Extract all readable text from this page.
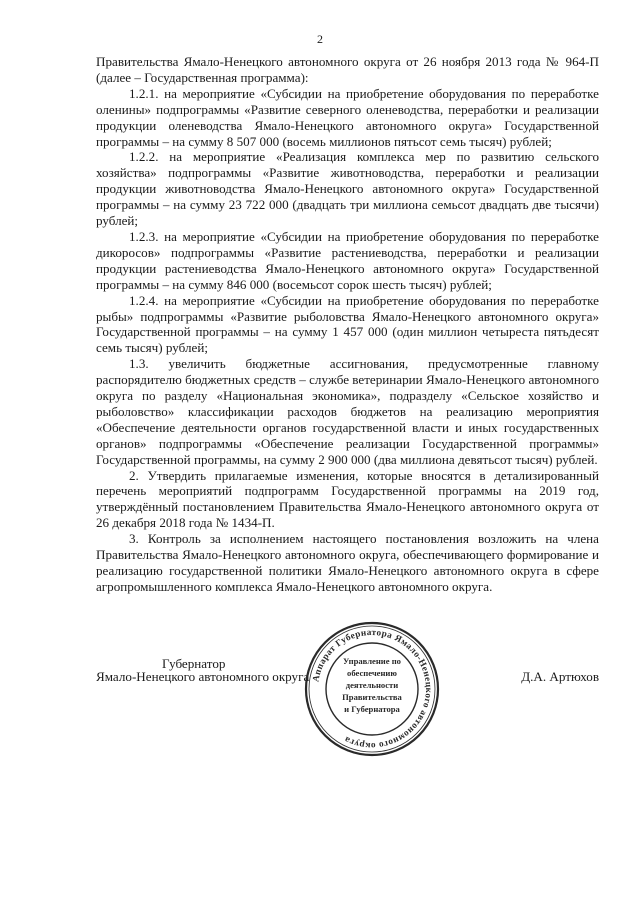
2

Правительства Ямало-Ненецкого автономного округа от 26 ноября 2013 года № 964-П (далее – Государственная программа):

1.2.1. на мероприятие «Субсидии на приобретение оборудования по переработке оленины» подпрограммы «Развитие северного оленеводства, переработки и реализации продукции оленеводства Ямало-Ненецкого автономного округа» Государственной программы – на сумму 8 507 000 (восемь миллионов пятьсот семь тысяч) рублей;

1.2.2. на мероприятие «Реализация комплекса мер по развитию сельского хозяйства» подпрограммы «Развитие животноводства, переработки и реализации продукции животноводства Ямало-Ненецкого автономного округа» Государственной программы – на сумму 23 722 000 (двадцать три миллиона семьсот двадцать две тысячи) рублей;

1.2.3. на мероприятие «Субсидии на приобретение оборудования по переработке дикоросов» подпрограммы «Развитие растениеводства, переработки и реализации продукции растениеводства Ямало-Ненецкого автономного округа» Государственной программы – на сумму 846 000 (восемьсот сорок шесть тысяч) рублей;

1.2.4. на мероприятие «Субсидии на приобретение оборудования по переработке рыбы» подпрограммы «Развитие рыболовства Ямало-Ненецкого автономного округа» Государственной программы – на сумму 1 457 000 (один миллион четыреста пятьдесят семь тысяч) рублей;

1.3. увеличить бюджетные ассигнования, предусмотренные главному распорядителю бюджетных средств – службе ветеринарии Ямало-Ненецкого автономного округа по разделу «Национальная экономика», подразделу «Сельское хозяйство и рыболовство» классификации расходов бюджетов на реализацию мероприятия «Обеспечение деятельности органов государственной власти и иных государственных органов» подпрограммы «Обеспечение реализации Государственной программы» Государственной программы, на сумму 2 900 000 (два миллиона девятьсот тысяч) рублей.

2. Утвердить прилагаемые изменения, которые вносятся в детализированный перечень мероприятий подпрограмм Государственной программы на 2019 год, утверждённый постановлением Правительства Ямало-Ненецкого автономного округа от 26 декабря 2018 года № 1434-П.

3. Контроль за исполнением настоящего постановления возложить на члена Правительства Ямало-Ненецкого автономного округа, обеспечивающего формирование и реализацию государственной политики Ямало-Ненецкого автономного округа в сфере агропромышленного комплекса Ямало-Ненецкого автономного округа.

Губернатор
Ямало-Ненецкого автономного округа	Д.А. Артюхов
Аппарат Губернатора Ямало-Ненецкого автономного округа
Управление по
обеспечению
деятельности
Правительства
и Губернатора
